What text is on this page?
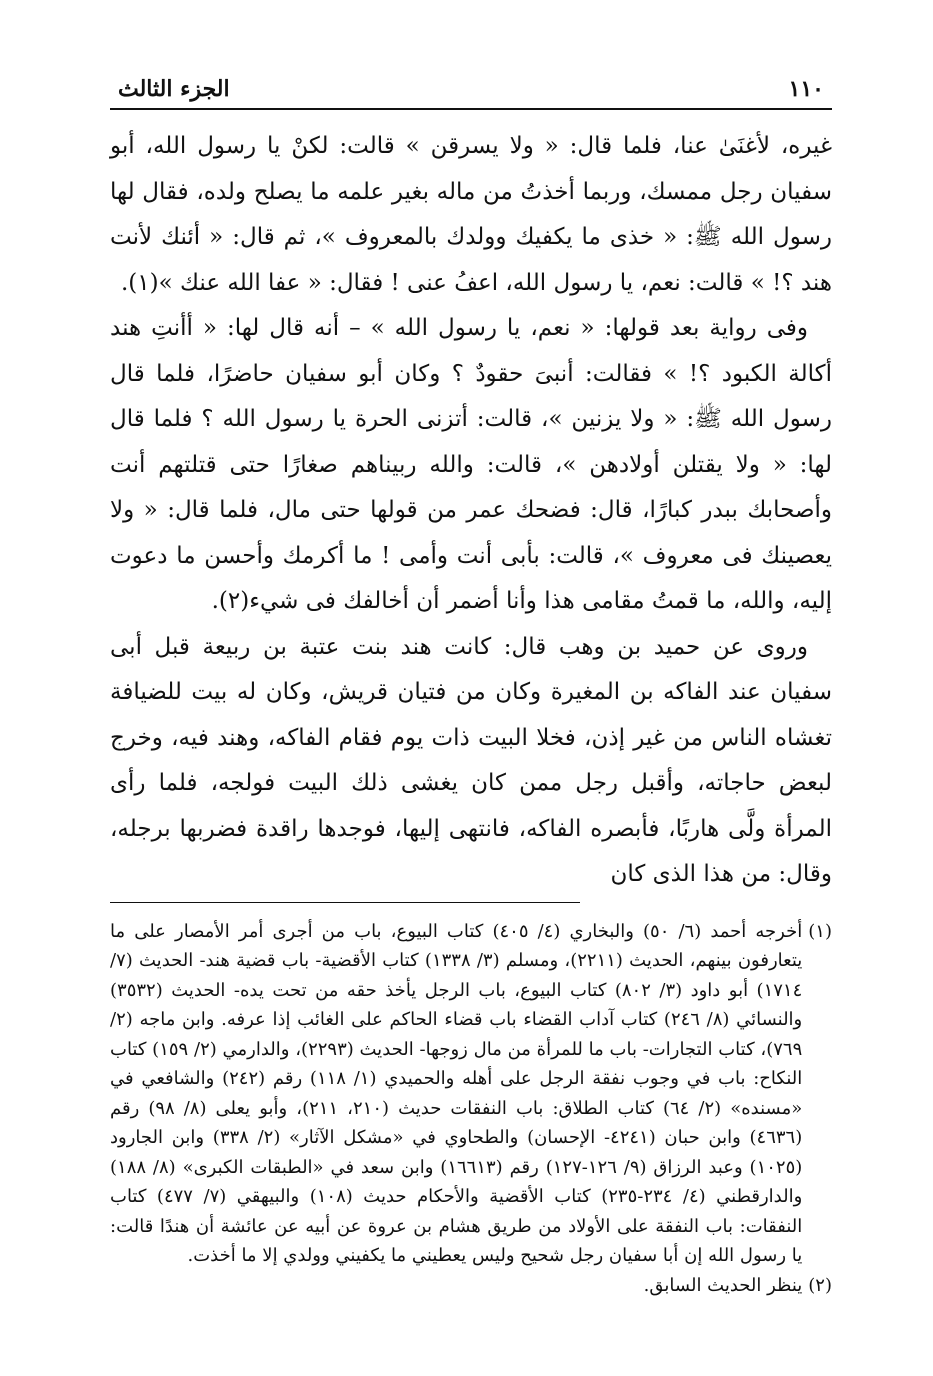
١١٠
الجزء الثالث

غيره، لأغنَىٰ عنا، فلما قال: « ولا يسرقن » قالت: لكنْ يا رسول الله، أبو سفيان رجل ممسك، وربما أخذتُ من ماله بغير علمه ما يصلح ولده، فقال لها رسول الله ﷺ: « خذى ما يكفيك وولدك بالمعروف »، ثم قال: « أئنك لأنت هند ؟! » قالت: نعم، يا رسول الله، اعفُ عنى ! فقال: « عفا الله عنك »(١).

وفى رواية بعد قولها: « نعم، يا رسول الله » – أنه قال لها: « أأنتِ هند أكالة الكبود ؟! » فقالت: أنبىَ حقودٌ ؟ وكان أبو سفيان حاضرًا، فلما قال رسول الله ﷺ: « ولا يزنين »، قالت: أتزنى الحرة يا رسول الله ؟ فلما قال لها: « ولا يقتلن أولادهن »، قالت: والله ربيناهم صغارًا حتى قتلتهم أنت وأصحابك ببدر كبارًا، قال: فضحك عمر من قولها حتى مال، فلما قال: « ولا يعصينك فى معروف »، قالت: بأبى أنت وأمى ! ما أكرمك وأحسن ما دعوت إليه، والله، ما قمتُ مقامى هذا وأنا أضمر أن أخالفك فى شيء(٢).

وروى عن حميد بن وهب قال: كانت هند بنت عتبة بن ربيعة قبل أبى سفيان عند الفاكه بن المغيرة وكان من فتيان قريش، وكان له بيت للضيافة تغشاه الناس من غير إذن، فخلا البيت ذات يوم فقام الفاكه، وهند فيه، وخرج لبعض حاجاته، وأقبل رجل ممن كان يغشى ذلك البيت فولجه، فلما رأى المرأة ولَّى هاربًا، فأبصره الفاكه، فانتهى إليها، فوجدها راقدة فضربها برجله، وقال: من هذا الذى كان

(١)
أخرجه أحمد (٦/ ٥٠) والبخاري (٤/ ٤٠٥) كتاب البيوع، باب من أجرى أمر الأمصار على ما يتعارفون بينهم، الحديث (٢٢١١)، ومسلم (٣/ ١٣٣٨) كتاب الأقضية- باب قضية هند- الحديث (٧/ ١٧١٤) أبو داود (٣/ ٨٠٢) كتاب البيوع، باب الرجل يأخذ حقه من تحت يده- الحديث (٣٥٣٢) والنسائي (٨/ ٢٤٦) كتاب آداب القضاء باب قضاء الحاكم على الغائب إذا عرفه. وابن ماجه (٢/ ٧٦٩)، كتاب التجارات- باب ما للمرأة من مال زوجها- الحديث (٢٢٩٣)، والدارمي (٢/ ١٥٩) كتاب النكاح: باب في وجوب نفقة الرجل على أهله والحميدي (١/ ١١٨) رقم (٢٤٢) والشافعي في «مسنده» (٢/ ٦٤) كتاب الطلاق: باب النفقات حديث (٢١٠، ٢١١)، وأبو يعلى (٨/ ٩٨) رقم (٤٦٣٦) وابن حبان (٤٢٤١- الإحسان) والطحاوي في «مشكل الآثار» (٢/ ٣٣٨) وابن الجارود (١٠٢٥) وعبد الرزاق (٩/ ١٢٦-١٢٧) رقم (١٦٦١٣) وابن سعد في «الطبقات الكبرى» (٨/ ١٨٨) والدارقطني (٤/ ٢٣٤-٢٣٥) كتاب الأقضية والأحكام حديث (١٠٨) والبيهقي (٧/ ٤٧٧) كتاب النفقات: باب النفقة على الأولاد من طريق هشام بن عروة عن أبيه عن عائشة أن هندًا قالت: يا رسول الله إن أبا سفيان رجل شحيح وليس يعطيني ما يكفيني وولدي إلا ما أخذت.
(٢)
ينظر الحديث السابق.
